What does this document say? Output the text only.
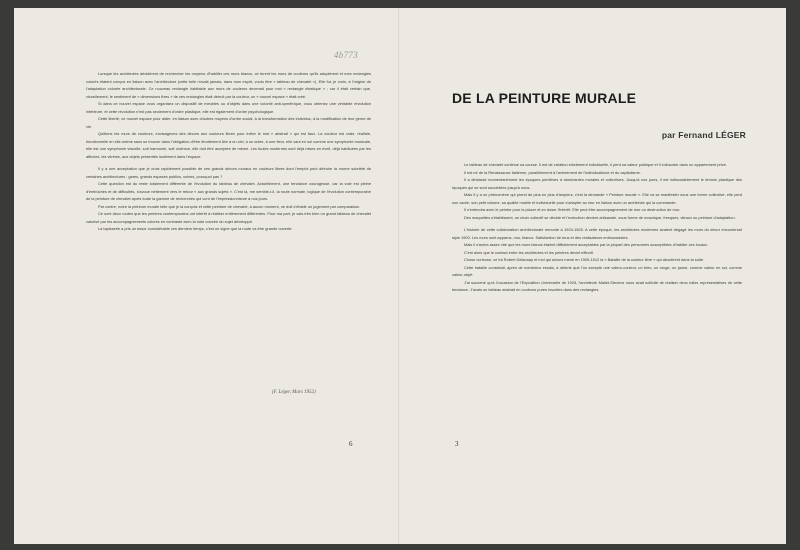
4b773

Lorsque les architectes décidèrent de rechercher les moyens d'habiller ces murs blancs, ce furent les murs de couleurs qu'ils adoptèrent et mes rectangles colorés étaient conçus en liaison avec l'architecture (cette toile n'avait jamais, dans mon esprit, voulu être « tableau de chevalet »). Elle fut, je crois, à l'origine de l'adaptation colorée architecturale. Ce nouveau rectangle habitable aux murs de couleurs devenait pour moi « rectangle élastique » ; car il était certain que, visuellement, le sentiment de « dimensions fixes » de ces rectangles était détruit par la couleur, un « nouvel espace » était créé.

Si dans ce nouvel espace vous organisez un dispositif de meubles ou d'objets dans une volonté anti-symétrique, vous obtenez une véritable révolution intérieure, et cette révolution n'est pas seulement d'ordre plastique, elle est également d'ordre psychologique.

Cette liberté, ce nouvel espace pour aider, en liaison avec d'autres moyens d'ordre social, à la transformation des individus, à la modification de leur genre de vie.

Quittons les murs de couleurs, envisageons des décors aux couleurs libres pour éviter le mot « abstrait » qui est faux. La couleur est vraie, réaliste, émotionnelle en elle-même sans se trouver dans l'obligation d'être étroitement liée à un ciel, à un arbre, à une fleur, elle vaut en soi comme une symphonie musicale, elle est une symphonie visuelle, soit harmonie, soit violence, elle doit être acceptée de même. Les foules modernes sont déjà mises en éveil, déjà habituées par les affiches, les vitrines, aux objets présentés isolément dans l'espace.

Il y a une acceptation que je crois rapidement possible de ces grands décors muraux en couleurs libres dont l'emploi peut détruire la morne sobriété de certaines architectures : gares, grands espaces publics, usines, pourquoi pas ?

Cette question est du reste totalement différente de l'évolution du tableau de chevalet. Actuellement, une tendance courageuse, car la voie est pleine d'embûches et de difficultés, s'avoue nettement vers le retour « aux grands sujets ». C'est là, me semble-t-il, la route normale, logique de l'évolution contemporaine de la peinture de chevalet après toute la gamme de recherches qui vont de l'impressionnisme à nos jours.

Par contre, notre la peinture murale telle que je la conçois et cette peinture de chevalet, à aucun moment, ne doit s'établir un jugement par comparaison.

Ce sont deux routes que les peintres contemporains ont intérêt à réaliser entièrement différentes. Pour ma part, je vais très bien un grand tableau de chevalet valorisé par les accompagnements colorés en contraste avec la note colorée du sujet développé.

La tapisserie a pris un essor considérable ces derniers temps, c'est un signe que la route va être grande ouverte.

(F. Léger, Mars 1952)
6
DE LA PEINTURE MURALE
par Fernand LÉGER

Le tableau de chevalet continue sa course. Il est de création strictement individuelle, il perd sa valeur publique et il s'absorbe dans un appartement privé.

Il est né de la Renaissance italienne, parallèlement à l'avènement de l'individualisme et du capitalisme.

Il a déclassé momentanément les époques primitives à dominantes murales et collectives. Jusqu'à nos jours, il est indiscutablement le témoin plastique des époques qui se sont succédées jusqu'à nous.

Mais il y a un phénomène qui prend de plus en plus d'ampleur, c'est la demande « Peinture murale ». Elle va se manifester sous une forme collective, elle perd son cadre, son petit volume, sa qualité mobile et individuelle pour s'adapter au mur en liaison avec un architecte qui la commande.

Il s'entendra avec le peintre pour la placer et en doser l'intérêt. Elle peut être accompagnement de mur ou destruction de mur.

Des maquettes s'établissent, un choix collectif se décide et l'exécution devient artisanale, sous forme de mosaïque, fresques, vitraux ou peinture d'adaptation.

L'historie de cette collaboration architecturale remonte à 1924-1925. A cette époque, les architectes modernes avaient dégagé les murs du décor encombrant style 1900. Les murs sont apparus, nus, blancs. Satisfaction de tous et des réalisateurs enthousiastes.

Mais il s'avéra assez vite que les murs blancs étaient difficilement acceptables par la plupart des personnes susceptibles d'habiter ces locaux.

C'est alors que le contact entre les architectes et les peintres devint effectif.

Chose curieuse, ce fut Robert Delaunay et moi qui avions mené en 1909-1912 la « Bataille de la couleur libre » qui aboutirent dans la suite.

Cette bataille consistait, après de nombreux essais, à obtenir que l'on accepte une valeur-couleur, un bleu, un rouge, un jaune, comme valeur en soi, comme valeur-objet.

J'ai souvenir qu'à l'occasion de l'Exposition Universelle de 1925, l'architecte Mallet-Stevens nous avait sollicité de réaliser deux toiles représentatives de cette tendance. J'avais un tableau abstrait en couleurs pures inscrites dans des rectangles.

3
